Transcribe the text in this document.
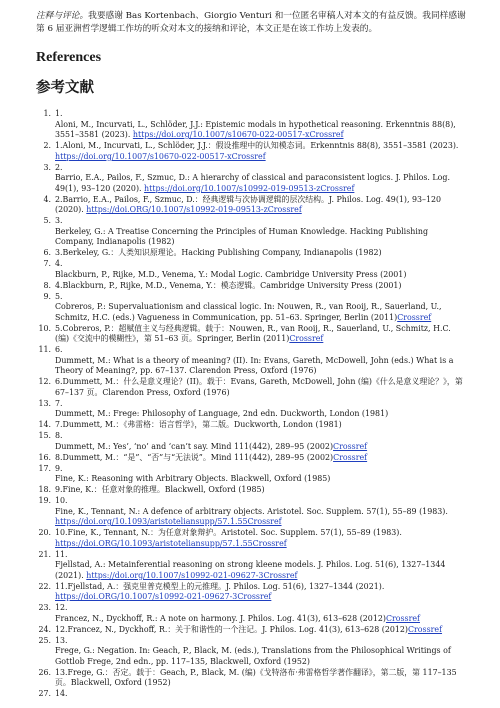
注释与评论。我要感谢 Bas Kortenbach、Giorgio Venturi 和一位匿名审稿人对本文的有益反馈。我同样感谢第 6 届亚洲哲学逻辑工作坊的听众对本文的接纳和评论，本文正是在该工作坊上发表的。

References
参考文献
1. 1.
Aloni, M., Incurvati, L., Schlöder, J.J.: Epistemic modals in hypothetical reasoning. Erkenntnis 88(8), 3551–3581 (2023). https://doi.org/10.1007/s10670-022-00517-xCrossref
2. 1.Aloni, M., Incurvati, L., Schlöder, J.J.：假设推理中的认知模态词。Erkenntnis 88(8), 3551–3581 (2023). https://doi.org/10.1007/s10670-022-00517-xCrossref
3. 2.
Barrio, E.A., Pailos, F., Szmuc, D.: A hierarchy of classical and paraconsistent logics. J. Philos. Log. 49(1), 93–120 (2020). https://doi.org/10.1007/s10992-019-09513-zCrossref
4. 2.Barrio, E.A., Pailos, F., Szmuc, D.：经典逻辑与次协调逻辑的层次结构。J. Philos. Log. 49(1), 93–120 (2020). https://doi.ORG/10.1007/s10992-019-09513-zCrossref
5. 3.
Berkeley, G.: A Treatise Concerning the Principles of Human Knowledge. Hacking Publishing Company, Indianapolis (1982)
6. 3.Berkeley, G.：人类知识原理论。Hacking Publishing Company, Indianapolis (1982)
7. 4.
Blackburn, P., Rijke, M.D., Venema, Y.: Modal Logic. Cambridge University Press (2001)
8. 4.Blackburn, P., Rijke, M.D., Venema, Y.：模态逻辑。Cambridge University Press (2001)
9. 5.
Cobreros, P.: Supervaluationism and classical logic. In: Nouwen, R., van Rooij, R., Sauerland, U., Schmitz, H.C. (eds.) Vagueness in Communication, pp. 51–63. Springer, Berlin (2011)Crossref
10. 5.Cobreros, P.：超赋值主义与经典逻辑。载于：Nouwen, R., van Rooij, R., Sauerland, U., Schmitz, H.C. (编)《交流中的模糊性》，第 51–63 页。Springer, Berlin (2011)Crossref
11. 6.
Dummett, M.: What is a theory of meaning? (II). In: Evans, Gareth, McDowell, John (eds.) What is a Theory of Meaning?, pp. 67–137. Clarendon Press, Oxford (1976)
12. 6.Dummett, M.：什么是意义理论？(II)。载于：Evans, Gareth, McDowell, John (编)《什么是意义理论？》，第 67–137 页。Clarendon Press, Oxford (1976)
13. 7.
Dummett, M.: Frege: Philosophy of Language, 2nd edn. Duckworth, London (1981)
14. 7.Dummett, M.：《弗雷格：语言哲学》，第二版。Duckworth, London (1981)
15. 8.
Dummett, M.: Yes’, ‘no’ and ‘can’t say. Mind 111(442), 289–95 (2002)Crossref
16. 8.Dummett, M.：“是”、“否”与“无法说”。Mind 111(442), 289–95 (2002)Crossref
17. 9.
Fine, K.: Reasoning with Arbitrary Objects. Blackwell, Oxford (1985)
18. 9.Fine, K.：任意对象的推理。Blackwell, Oxford (1985)
19. 10.
Fine, K., Tennant, N.: A defence of arbitrary objects. Aristotel. Soc. Supplem. 57(1), 55–89 (1983). https://doi.org/10.1093/aristoteliansupp/57.1.55Crossref
20. 10.Fine, K., Tennant, N.：为任意对象辩护。Aristotel. Soc. Supplem. 57(1), 55–89 (1983). https://doi.ORG/10.1093/aristoteliansupp/57.1.55Crossref
21. 11.
Fjellstad, A.: Metainferential reasoning on strong kleene models. J. Philos. Log. 51(6), 1327–1344 (2021). https://doi.org/10.1007/s10992-021-09627-3Crossref
22. 11.Fjellstad, A.：强克里普克模型上的元推理。J. Philos. Log. 51(6), 1327–1344 (2021). https://doi.ORG/10.1007/s10992-021-09627-3Crossref
23. 12.
Francez, N., Dyckhoff, R.: A note on harmony. J. Philos. Log. 41(3), 613–628 (2012)Crossref
24. 12.Francez, N., Dyckhoff, R.：关于和谐性的一个注记。J. Philos. Log. 41(3), 613–628 (2012)Crossref
25. 13.
Frege, G.: Negation. In: Geach, P., Black, M. (eds.), Translations from the Philosophical Writings of Gottlob Frege, 2nd edn., pp. 117–135, Blackwell, Oxford (1952)
26. 13.Frege, G.：否定。载于：Geach, P., Black, M. (编)《戈特洛布·弗雷格哲学著作翻译》，第二版，第 117–135 页。Blackwell, Oxford (1952)
27. 14.
